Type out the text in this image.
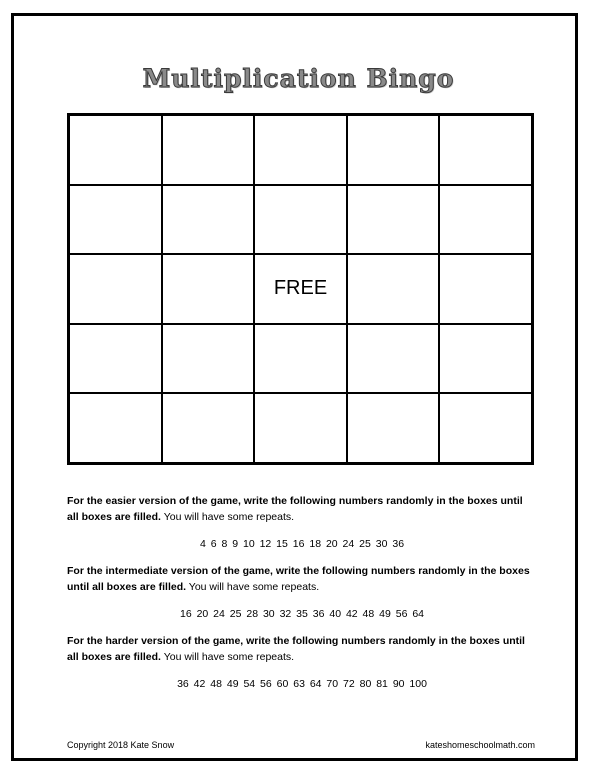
Multiplication Bingo
FREE
For the easier version of the game, write the following numbers randomly in the boxes until all boxes are filled. You will have some repeats.
4 6 8 9 10 12 15 16 18 20 24 25 30 36
For the intermediate version of the game, write the following numbers randomly in the boxes until all boxes are filled. You will have some repeats.
16 20 24 25 28 30 32 35 36 40 42 48 49 56 64
For the harder version of the game, write the following numbers randomly in the boxes until all boxes are filled. You will have some repeats.
36 42 48 49 54 56 60 63 64 70 72 80 81 90 100
Copyright 2018 Kate Snow	kateshomeschoolmath.com
